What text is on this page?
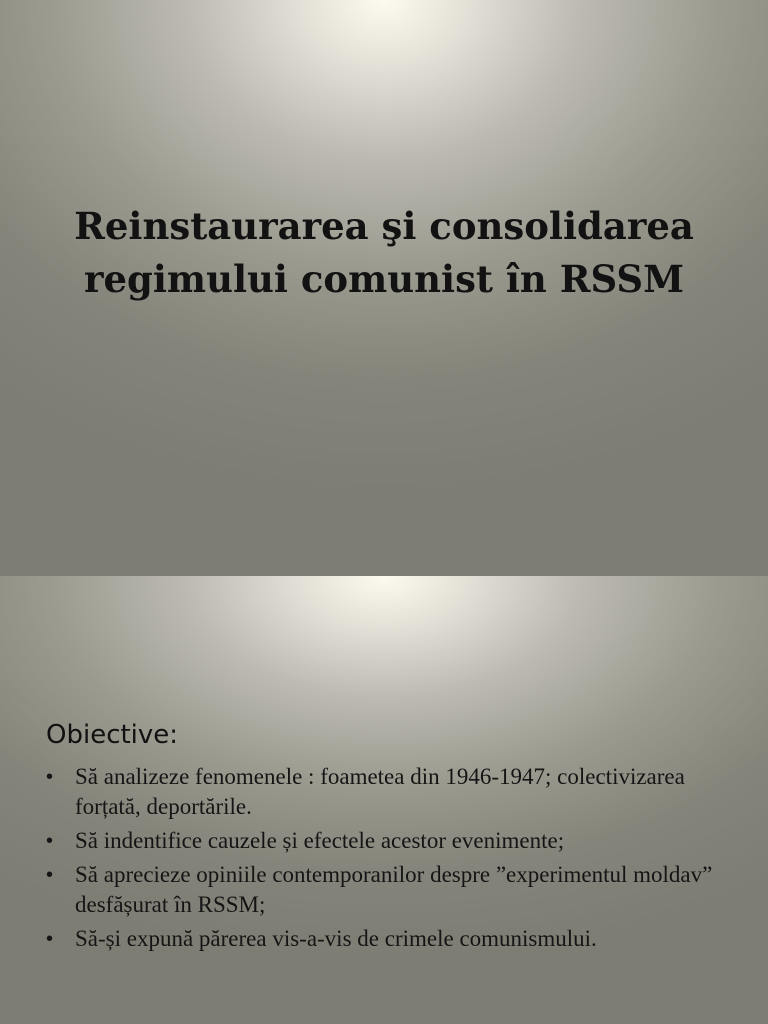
Reinstaurarea şi consolidarea regimului comunist în RSSM
Obiective:
• Să analizeze fenomenele : foametea din 1946-1947; colectivizarea forțată, deportările.
• Să indentifice cauzele și efectele acestor evenimente;
• Să aprecieze opiniile contemporanilor despre ”experimentul moldav” desfășurat în RSSM;
• Să-și expună părerea vis-a-vis de crimele comunismului.
